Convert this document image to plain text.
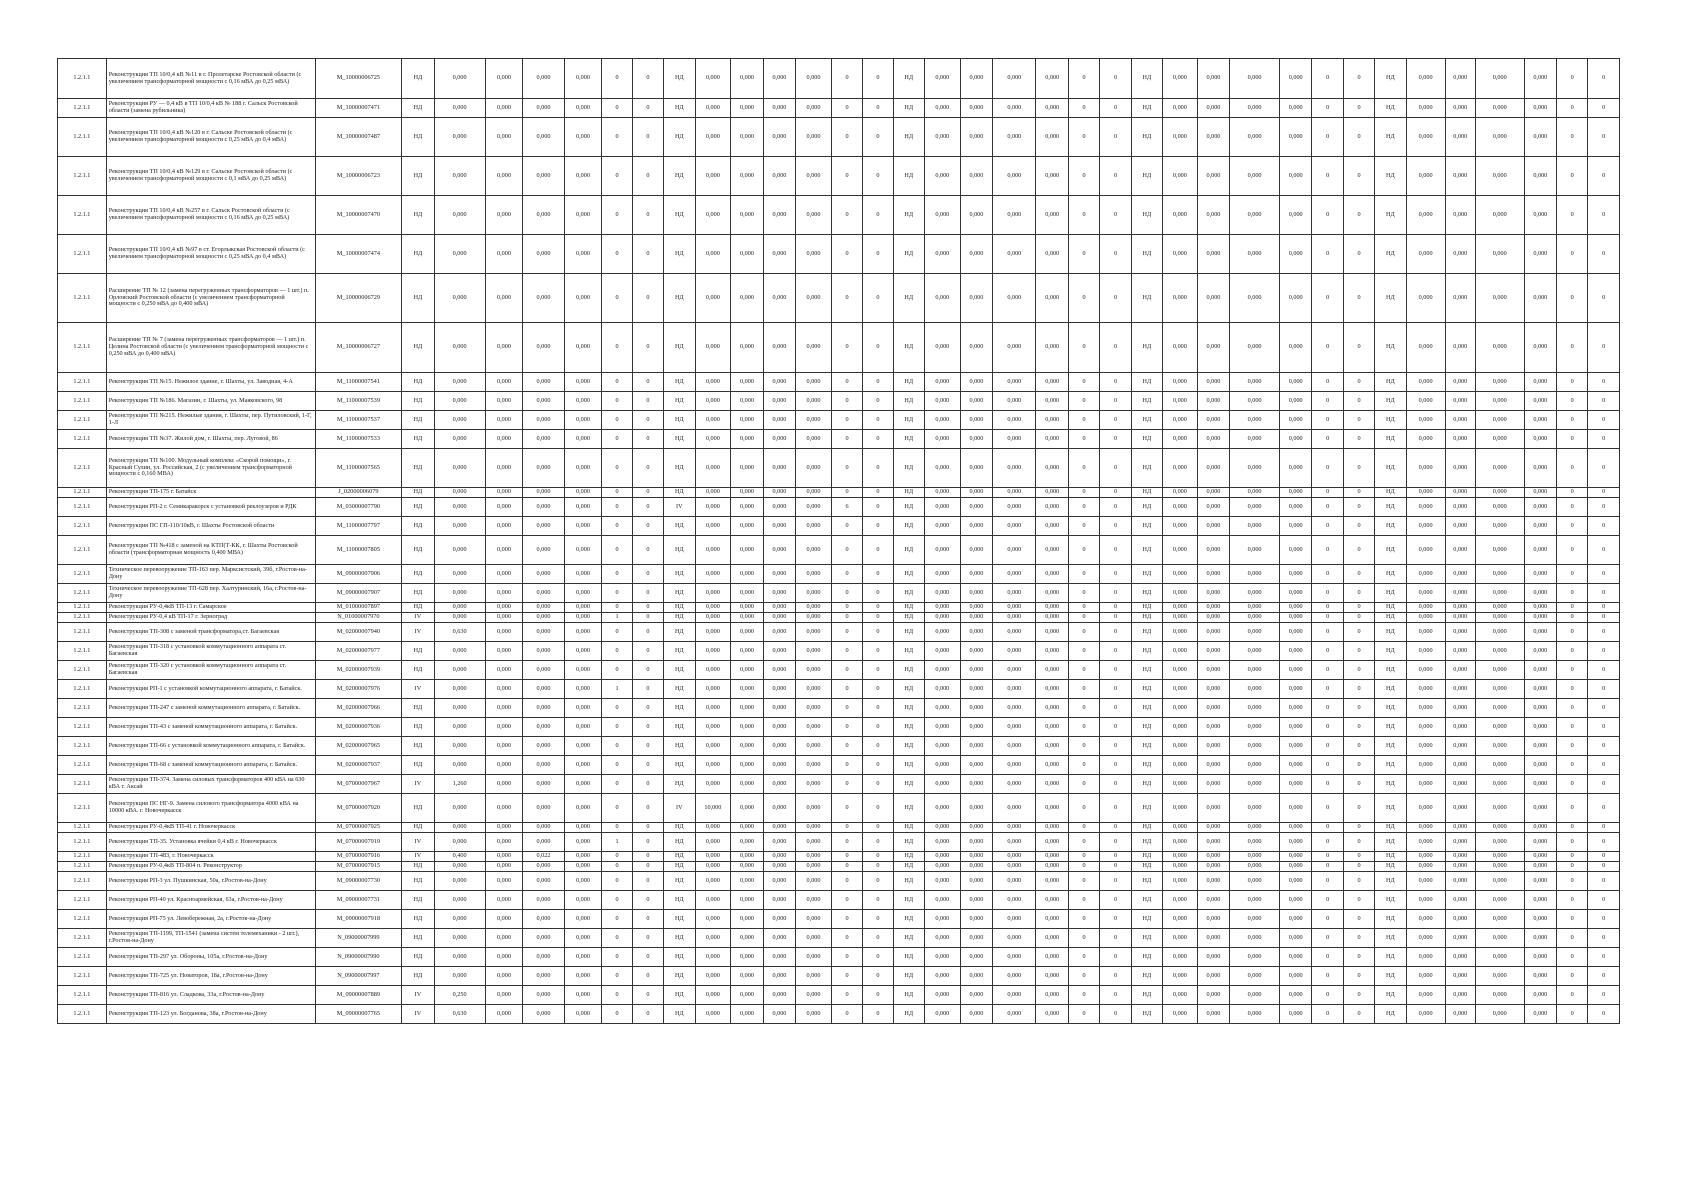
1.2.1.1	Реконструкция ТП 10/0,4 кВ №11 в г. Пролетарске Ростовской области (с увеличением трансформаторной мощности с 0,16 мВА до 0,25 мВА)	M_10000006725	НД	0,000	0,000	0,000	0,000	0	0	НД	0,000	0,000	0,000	0,000	0	0	НД	0,000	0,000	0,000	0,000	0	0	НД	0,000	0,000	0,000	0,000	0	0	НД	0,000	0,000	0,000	0,000	0	0
1.2.1.1	Реконструкция РУ — 0,4 кВ в ТП 10/0,4 кВ № 188 г. Сальск Ростовской области (замена рубильника)	M_10000007471	НД	0,000	0,000	0,000	0,000	0	0	НД	0,000	0,000	0,000	0,000	0	0	НД	0,000	0,000	0,000	0,000	0	0	НД	0,000	0,000	0,000	0,000	0	0	НД	0,000	0,000	0,000	0,000	0	0
1.2.1.1	Реконструкция ТП 10/0,4 кВ №120 в г. Сальске Ростовской области (с увеличением трансформаторной мощности с 0,25 мВА до 0,4 мВА)	M_10000007487	НД	0,000	0,000	0,000	0,000	0	0	НД	0,000	0,000	0,000	0,000	0	0	НД	0,000	0,000	0,000	0,000	0	0	НД	0,000	0,000	0,000	0,000	0	0	НД	0,000	0,000	0,000	0,000	0	0
1.2.1.1	Реконструкция ТП 10/0,4 кВ №129 в г. Сальске Ростовской области (с увеличением трансформаторной мощности с 0,1 мВА до 0,25 мВА)	M_10000006723	НД	0,000	0,000	0,000	0,000	0	0	НД	0,000	0,000	0,000	0,000	0	0	НД	0,000	0,000	0,000	0,000	0	0	НД	0,000	0,000	0,000	0,000	0	0	НД	0,000	0,000	0,000	0,000	0	0
1.2.1.1	Реконструкция ТП 10/0,4 кВ №257 в г. Сальск Ростовской области (с увеличением трансформаторной мощности с 0,16 мВА до 0,25 мВА)	M_10000007470	НД	0,000	0,000	0,000	0,000	0	0	НД	0,000	0,000	0,000	0,000	0	0	НД	0,000	0,000	0,000	0,000	0	0	НД	0,000	0,000	0,000	0,000	0	0	НД	0,000	0,000	0,000	0,000	0	0
1.2.1.1	Реконструкция ТП 10/0,4 кВ №97 в ст. Егорлыкская Ростовской области (с увеличением трансформаторной мощности с 0,25 мВА до 0,4 мВА)	M_10000007474	НД	0,000	0,000	0,000	0,000	0	0	НД	0,000	0,000	0,000	0,000	0	0	НД	0,000	0,000	0,000	0,000	0	0	НД	0,000	0,000	0,000	0,000	0	0	НД	0,000	0,000	0,000	0,000	0	0
1.2.1.1	Расширение ТП № 12 (замена перегруженных трансформаторов — 1 шт.) п. Орловский Ростовской области (с увеличением трансформаторной мощности с 0,250 мВА до 0,400 мВА)	M_10000006729	НД	0,000	0,000	0,000	0,000	0	0	НД	0,000	0,000	0,000	0,000	0	0	НД	0,000	0,000	0,000	0,000	0	0	НД	0,000	0,000	0,000	0,000	0	0	НД	0,000	0,000	0,000	0,000	0	0
1.2.1.1	Расширение ТП № 7 (замена перегруженных трансформаторов — 1 шт.) п. Целина Ростовской области (с увеличением трансформаторной мощности с 0,250 мВА до 0,400 мВА)	M_10000006727	НД	0,000	0,000	0,000	0,000	0	0	НД	0,000	0,000	0,000	0,000	0	0	НД	0,000	0,000	0,000	0,000	0	0	НД	0,000	0,000	0,000	0,000	0	0	НД	0,000	0,000	0,000	0,000	0	0
1.2.1.1	Реконструкция ТП №15. Нежилое здание, г. Шахты, ул. Заводная, 4-А	M_11000007541	НД	0,000	0,000	0,000	0,000	0	0	НД	0,000	0,000	0,000	0,000	0	0	НД	0,000	0,000	0,000	0,000	0	0	НД	0,000	0,000	0,000	0,000	0	0	НД	0,000	0,000	0,000	0,000	0	0
1.2.1.1	Реконструкция ТП №186. Магазин, г. Шахты, ул. Маяковского, 98	M_11000007539	НД	0,000	0,000	0,000	0,000	0	0	НД	0,000	0,000	0,000	0,000	0	0	НД	0,000	0,000	0,000	0,000	0	0	НД	0,000	0,000	0,000	0,000	0	0	НД	0,000	0,000	0,000	0,000	0	0
1.2.1.1	Реконструкция ТП №215. Нежилые здания, г. Шахты, пер. Путиловский, 1-Г, 1-Л	M_11000007537	НД	0,000	0,000	0,000	0,000	0	0	НД	0,000	0,000	0,000	0,000	0	0	НД	0,000	0,000	0,000	0,000	0	0	НД	0,000	0,000	0,000	0,000	0	0	НД	0,000	0,000	0,000	0,000	0	0
1.2.1.1	Реконструкция ТП №37. Жилой дом, г. Шахты, пер. Луговой, 86	M_11000007533	НД	0,000	0,000	0,000	0,000	0	0	НД	0,000	0,000	0,000	0,000	0	0	НД	0,000	0,000	0,000	0,000	0	0	НД	0,000	0,000	0,000	0,000	0	0	НД	0,000	0,000	0,000	0,000	0	0
1.2.1.1	Реконструкция ТП №100. Модульный комплекс «Скорой помощи», г. Красный Сулин, ул. Российская, 2 (с увеличением трансформаторной мощности с 0,160 МВА)	M_11000007565	НД	0,000	0,000	0,000	0,000	0	0	НД	0,000	0,000	0,000	0,000	0	0	НД	0,000	0,000	0,000	0,000	0	0	НД	0,000	0,000	0,000	0,000	0	0	НД	0,000	0,000	0,000	0,000	0	0
1.2.1.1	Реконструкция ТП-175 г. Батайск	J_02000006079	НД	0,000	0,000	0,000	0,000	0	0	НД	0,000	0,000	0,000	0,000	0	0	НД	0,000	0,000	0,000	0,000	0	0	НД	0,000	0,000	0,000	0,000	0	0	НД	0,000	0,000	0,000	0,000	0	0
1.2.1.1	Реконструкция РП-2 г. Семикаракорск с установкой реклоузеров и РДК	M_03000007790	НД	0,000	0,000	0,000	0,000	0	0	IV	0,000	0,000	0,000	0,000	6	0	НД	0,000	0,000	0,000	0,000	0	0	НД	0,000	0,000	0,000	0,000	0	0	НД	0,000	0,000	0,000	0,000	0	0
1.2.1.1	Реконструкция ПС ГП-110/10кВ, г. Шахты Ростовской области	M_11000007797	НД	0,000	0,000	0,000	0,000	0	0	НД	0,000	0,000	0,000	0,000	0	0	НД	0,000	0,000	0,000	0,000	0	0	НД	0,000	0,000	0,000	0,000	0	0	НД	0,000	0,000	0,000	0,000	0	0
1.2.1.1	Реконструкция ТП №418 с заменой на КТП(Т-КК, г. Шахты Ростовской области (трансформаторная мощность 0,400 МВА)	M_11000007805	НД	0,000	0,000	0,000	0,000	0	0	НД	0,000	0,000	0,000	0,000	0	0	НД	0,000	0,000	0,000	0,000	0	0	НД	0,000	0,000	0,000	0,000	0	0	НД	0,000	0,000	0,000	0,000	0	0
1.2.1.1	Техническое перевооружение ТП-163 пер. Марксистский, 39б, г.Ростов-на-Дону	M_09000007906	НД	0,000	0,000	0,000	0,000	0	0	НД	0,000	0,000	0,000	0,000	0	0	НД	0,000	0,000	0,000	0,000	0	0	НД	0,000	0,000	0,000	0,000	0	0	НД	0,000	0,000	0,000	0,000	0	0
1.2.1.1	Техническое перевооружение ТП-628 пер. Халтуринский, 16а, г.Ростов-на-Дону	M_09000007907	НД	0,000	0,000	0,000	0,000	0	0	НД	0,000	0,000	0,000	0,000	0	0	НД	0,000	0,000	0,000	0,000	0	0	НД	0,000	0,000	0,000	0,000	0	0	НД	0,000	0,000	0,000	0,000	0	0
1.2.1.1	Реконструкция РУ-0,4кВ ТП-13 г. Самарское	M_01000007897	НД	0,000	0,000	0,000	0,000	0	0	НД	0,000	0,000	0,000	0,000	0	0	НД	0,000	0,000	0,000	0,000	0	0	НД	0,000	0,000	0,000	0,000	0	0	НД	0,000	0,000	0,000	0,000	0	0
1.2.1.1	Реконструкция РУ-0,4 кВ ТП-17 г. Зерноград	N_01000007970	IV	0,000	0,000	0,000	0,000	1	0	НД	0,000	0,000	0,000	0,000	0	0	НД	0,000	0,000	0,000	0,000	0	0	НД	0,000	0,000	0,000	0,000	0	0	НД	0,000	0,000	0,000	0,000	0	0
1.2.1.1	Реконструкция ТП-308 с заменой трансформатора,ст. Багаевская	M_02000007940	IV	0,630	0,000	0,000	0,000	0	0	НД	0,000	0,000	0,000	0,000	0	0	НД	0,000	0,000	0,000	0,000	0	0	НД	0,000	0,000	0,000	0,000	0	0	НД	0,000	0,000	0,000	0,000	0	0
1.2.1.1	Реконструкция ТП-318 с установкой коммутационного аппарата ст. Багаевская	M_02000007977	НД	0,000	0,000	0,000	0,000	0	0	НД	0,000	0,000	0,000	0,000	0	0	НД	0,000	0,000	0,000	0,000	0	0	НД	0,000	0,000	0,000	0,000	0	0	НД	0,000	0,000	0,000	0,000	0	0
1.2.1.1	Реконструкция ТП-320 с установкой коммутационного аппарата ст. Багаевская	M_02000007939	НД	0,000	0,000	0,000	0,000	0	0	НД	0,000	0,000	0,000	0,000	0	0	НД	0,000	0,000	0,000	0,000	0	0	НД	0,000	0,000	0,000	0,000	0	0	НД	0,000	0,000	0,000	0,000	0	0
1.2.1.1	Реконструкция РП-1 с установкой коммутационного аппарата, г. Батайск.	M_02000007976	IV	0,000	0,000	0,000	0,000	1	0	НД	0,000	0,000	0,000	0,000	0	0	НД	0,000	0,000	0,000	0,000	0	0	НД	0,000	0,000	0,000	0,000	0	0	НД	0,000	0,000	0,000	0,000	0	0
1.2.1.1	Реконструкция ТП-247 с заменой коммутационного аппарата, г. Батайск.	M_02000007966	НД	0,000	0,000	0,000	0,000	0	0	НД	0,000	0,000	0,000	0,000	0	0	НД	0,000	0,000	0,000	0,000	0	0	НД	0,000	0,000	0,000	0,000	0	0	НД	0,000	0,000	0,000	0,000	0	0
1.2.1.1	Реконструкция ТП-43 с заменой коммутационного аппарата, г. Батайск.	M_02000007936	НД	0,000	0,000	0,000	0,000	0	0	НД	0,000	0,000	0,000	0,000	0	0	НД	0,000	0,000	0,000	0,000	0	0	НД	0,000	0,000	0,000	0,000	0	0	НД	0,000	0,000	0,000	0,000	0	0
1.2.1.1	Реконструкция ТП-66 с установкой коммутационного аппарата, г. Батайск.	M_02000007965	НД	0,000	0,000	0,000	0,000	0	0	НД	0,000	0,000	0,000	0,000	0	0	НД	0,000	0,000	0,000	0,000	0	0	НД	0,000	0,000	0,000	0,000	0	0	НД	0,000	0,000	0,000	0,000	0	0
1.2.1.1	Реконструкция ТП-68 с заменой коммутационного аппарата, г. Батайск.	M_02000007937	НД	0,000	0,000	0,000	0,000	0	0	НД	0,000	0,000	0,000	0,000	0	0	НД	0,000	0,000	0,000	0,000	0	0	НД	0,000	0,000	0,000	0,000	0	0	НД	0,000	0,000	0,000	0,000	0	0
1.2.1.1	Реконструкция ТП-374. Замена силовых трансформаторов 400 кВА на 630 кВА г. Аксай	M_07000007967	IV	1,260	0,000	0,000	0,000	0	0	НД	0,000	0,000	0,000	0,000	0	0	НД	0,000	0,000	0,000	0,000	0	0	НД	0,000	0,000	0,000	0,000	0	0	НД	0,000	0,000	0,000	0,000	0	0
1.2.1.1	Реконструкция ПС НГ-9. Замена силового трансформатора 4000 кВА на 10000 кВА. г. Новочеркасск	M_07000007920	НД	0,000	0,000	0,000	0,000	0	0	IV	10,000	0,000	0,000	0,000	0	0	НД	0,000	0,000	0,000	0,000	0	0	НД	0,000	0,000	0,000	0,000	0	0	НД	0,000	0,000	0,000	0,000	0	0
1.2.1.1	Реконструкция РУ-0,4кВ ТП-41 г. Новочеркасск	M_07000007925	НД	0,000	0,000	0,000	0,000	0	0	НД	0,000	0,000	0,000	0,000	0	0	НД	0,000	0,000	0,000	0,000	0	0	НД	0,000	0,000	0,000	0,000	0	0	НД	0,000	0,000	0,000	0,000	0	0
1.2.1.1	Реконструкция ТП-35. Установка ячейки 0,4 кВ г. Новочеркасск	M_07000007919	IV	0,000	0,000	0,000	0,000	1	0	НД	0,000	0,000	0,000	0,000	0	0	НД	0,000	0,000	0,000	0,000	0	0	НД	0,000	0,000	0,000	0,000	0	0	НД	0,000	0,000	0,000	0,000	0	0
1.2.1.1	Реконструкция ТП-483, г. Новочеркасск	M_07000007916	IV	0,400	0,000	0,022	0,000	0	0	НД	0,000	0,000	0,000	0,000	0	0	НД	0,000	0,000	0,000	0,000	0	0	НД	0,000	0,000	0,000	0,000	0	0	НД	0,000	0,000	0,000	0,000	0	0
1.2.1.1	Реконструкция РУ-0,4кВ ТП-804 п. Реконструктор	M_07000007915	НД	0,000	0,000	0,000	0,000	0	0	НД	0,000	0,000	0,000	0,000	0	0	НД	0,000	0,000	0,000	0,000	0	0	НД	0,000	0,000	0,000	0,000	0	0	НД	0,000	0,000	0,000	0,000	0	0
1.2.1.1	Реконструкция РП-3 ул. Пушкинская, 50а, г.Ростов-на-Дону	M_09000007730	НД	0,000	0,000	0,000	0,000	0	0	НД	0,000	0,000	0,000	0,000	0	0	НД	0,000	0,000	0,000	0,000	0	0	НД	0,000	0,000	0,000	0,000	0	0	НД	0,000	0,000	0,000	0,000	0	0
1.2.1.1	Реконструкция РП-40 ул. Красноармейская, 63а, г.Ростов-на-Дону	M_09000007731	НД	0,000	0,000	0,000	0,000	0	0	НД	0,000	0,000	0,000	0,000	0	0	НД	0,000	0,000	0,000	0,000	0	0	НД	0,000	0,000	0,000	0,000	0	0	НД	0,000	0,000	0,000	0,000	0	0
1.2.1.1	Реконструкция РП-75 ул. Левобережная, 2а, г.Ростов-на-Дону	M_09000007918	НД	0,000	0,000	0,000	0,000	0	0	НД	0,000	0,000	0,000	0,000	0	0	НД	0,000	0,000	0,000	0,000	0	0	НД	0,000	0,000	0,000	0,000	0	0	НД	0,000	0,000	0,000	0,000	0	0
1.2.1.1	Реконструкция ТП-1199, ТП-1541 (замена систем телемеханики - 2 шт.), г.Ростов-на-Дону	N_09000007999	НД	0,000	0,000	0,000	0,000	0	0	НД	0,000	0,000	0,000	0,000	0	0	НД	0,000	0,000	0,000	0,000	0	0	НД	0,000	0,000	0,000	0,000	0	0	НД	0,000	0,000	0,000	0,000	0	0
1.2.1.1	Реконструкция ТП-297 ул. Обороны, 105а, г.Ростов-на-Дону	N_09000007990	НД	0,000	0,000	0,000	0,000	0	0	НД	0,000	0,000	0,000	0,000	0	0	НД	0,000	0,000	0,000	0,000	0	0	НД	0,000	0,000	0,000	0,000	0	0	НД	0,000	0,000	0,000	0,000	0	0
1.2.1.1	Реконструкция ТП-725 ул. Новаторов, 18а, г.Ростов-на-Дону	N_09000007997	НД	0,000	0,000	0,000	0,000	0	0	НД	0,000	0,000	0,000	0,000	0	0	НД	0,000	0,000	0,000	0,000	0	0	НД	0,000	0,000	0,000	0,000	0	0	НД	0,000	0,000	0,000	0,000	0	0
1.2.1.1	Реконструкция ТП-816 ул. Сладкова, 33а, г.Ростов-на-Дону	M_09000007889	IV	0,250	0,000	0,000	0,000	0	0	НД	0,000	0,000	0,000	0,000	0	0	НД	0,000	0,000	0,000	0,000	0	0	НД	0,000	0,000	0,000	0,000	0	0	НД	0,000	0,000	0,000	0,000	0	0
1.2.1.1	Реконструкция ТП-123 ул. Богданова, 38а, г.Ростов-на-Дону	M_09000007765	IV	0,630	0,000	0,000	0,000	0	0	НД	0,000	0,000	0,000	0,000	0	0	НД	0,000	0,000	0,000	0,000	0	0	НД	0,000	0,000	0,000	0,000	0	0	НД	0,000	0,000	0,000	0,000	0	0
